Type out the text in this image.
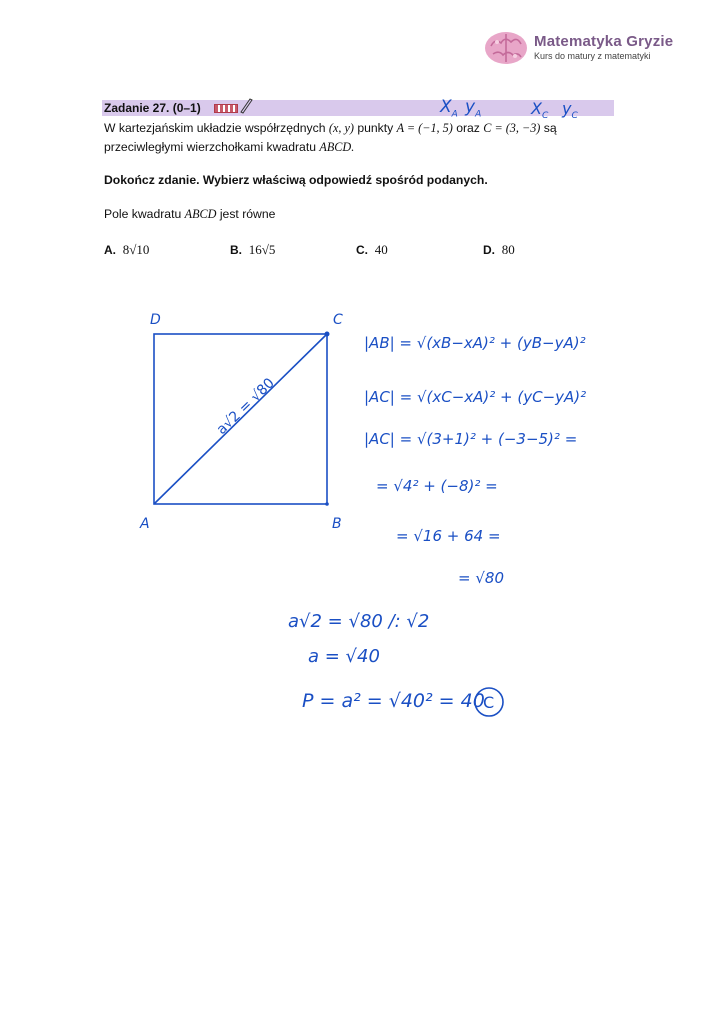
Matematyka Gryzie
Kurs do matury z matematyki
Zadanie 27. (0–1)	$X_A$ $y_A$	$X_C$ $y_C$
W kartezjańskim układzie współrzędnych (x, y) punkty A = (−1, 5) oraz C = (3, −3) są
przeciwległymi wierzchołkami kwadratu ABCD.
Dokończ zdanie. Wybierz właściwą odpowiedź spośród podanych.
Pole kwadratu ABCD jest równe
A. 8√10	B. 16√5	C. 40	D. 80
D	C
A	B
a√2 = √80
|AB| = √(xB−xA)² + (yB−yA)²
|AC| = √(xC−xA)² + (yC−yA)²
|AC| = √(3+1)² + (−3−5)² =
= √4² + (−8)² =
= √16 + 64 =
= √80
a√2 = √80 /: √2
a = √40
P = a² = √40² = 40
C
